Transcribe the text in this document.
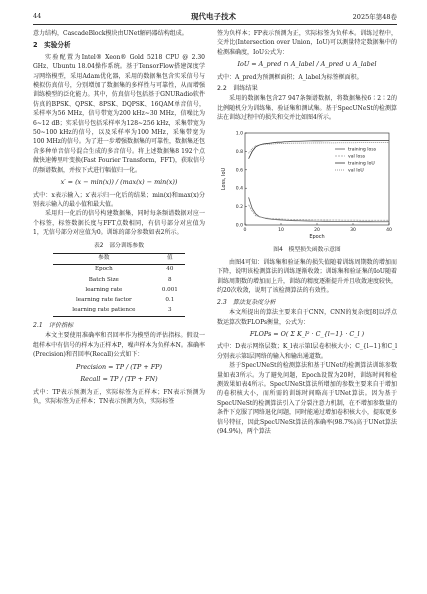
44	现代电子技术	2025年第48卷

意力结构，CascadeBlock模块由UNet解码器结构组成。

2　实验分析

实验配置为Intel® Xeon® Gold 5218 CPU @ 2.30 GHz、Ubuntu 18.04操作系统。基于TensorFlow搭建深度学习网络模型，采用Adam优化器，采用的数据集包含实采信号与模拟仿真信号，分别增加了数据集的多样性与可靠性，从而增强训练模型的泛化能力。其中，仿真信号包括基于GNURadio软件仿真的BPSK、QPSK、8PSK、DQPSK、16QAM单音信号，采样率为56 MHz，信号带宽为200 kHz~30 MHz，信噪比为6~12 dB；实采信号包括采样率为128~256 kHz，采集带宽为50~100 kHz的信号，以及采样率为100 MHz，采集带宽为100 MHz的信号。为了进一步增强数据集的可靠性，数据集还包含多种单音信号混合生成的多音信号。将上述数据集8 192个点做快速傅里叶变换(Fast Fourier Transform，FFT)，获取信号的频谱数据，并按下式进行幅值归一化。

x′ = (x − min(x)) / (max(x) − min(x))

式中：x表示输入；x′表示归一化后的结果；min(x)和max(x)分别表示输入的最小值和最大值。

采用归一化后的信号构建数据集，同时每条频谱数据对应一个标签，标签数据长度与FFT点数相同，有信号部分对应值为1，无信号部分对应值为0。训练的部分参数如表2所示。

表2　部分训练参数
参数	值
Epoch	40
Batch Size	8
learning rate	0.001
learning rate factor	0.1
learning rate patience	3
2.1　评价指标

本文主要使用准确率和召回率作为模型的评估指标。假设一组样本中有信号的样本为正样本P，噪声样本为负样本N。准确率(Precision)和召回率(Recall)公式如下：

Precision = TP / (TP + FP)
Recall = TP / (TP + FN)

式中：TP表示预测为正，实际标签为正样本；FN表示预测为负，实际标签为正样本；TN表示预测为负，实际标签

签为负样本；FP表示预测为正，实际标签为负样本。训练过程中，交并比(Intersection over Union，IoU)可以测量特定数据集中的检测准确度，IoU公式为：

IoU = A_pred ∩ A_label / A_pred ∪ A_label

式中：A_pred为预测框面积；A_label为标签框面积。

2.2　训练结果

采用的数据集包含27 947条频谱数据，将数据集按6∶2∶2的比例随机分为训练集、验证集和测试集。基于SpecUNeSt的检测算法在训练过程中的损失和交并比如图4所示。

0.0
0.2
0.4
0.6
0.8
1.0
0	10	20	30	40
Epoch
Loss, IoU
training loss
val loss
training IoU
val IoU
图4　模型损失函数示意图

由图4可知：训练集和验证集的损失值随着训练周期数的增加而下降，说明该检测算法的训练逐渐收敛；训练集和验证集的IoU随着训练周期数的增加而上升，训练的精度逐渐提升并且收敛速度较快，约20次收敛，说明了该检测算法的有效性。

2.3　算法复杂度分析

本文所提出的算法主要来自于CNN，CNN的复杂度[8]以浮点数运算次数FLOPs衡量，公式为：

FLOPs = O( Σ K_l² · C_{l−1} · C_l )

式中：D表示网络层数；K_l表示第l层卷积核大小；C_{l−1}和C_l分别表示第l层网络的输入和输出通道数。

基于SpecUNeSt的检测算法和基于UNet的检测算法训练参数量如表3所示。为了避免问题，Epoch设置为20时，训练时间和检测效果如表4所示。SpecUNeSt算法所增加的参数主要来自于增加的卷积核大小，而所需的训练时间略高于UNet算法。因为基于SpecUNeSt的检测算法引入了分裂注意力机制，在不增加参数量的条件下克服了网络退化问题，同时能通过增加卷积核大小，提取更多信号特征，因此SpecUNeSt算法的准确率(98.7%)高于UNet算法(94.9%)，两个算法
